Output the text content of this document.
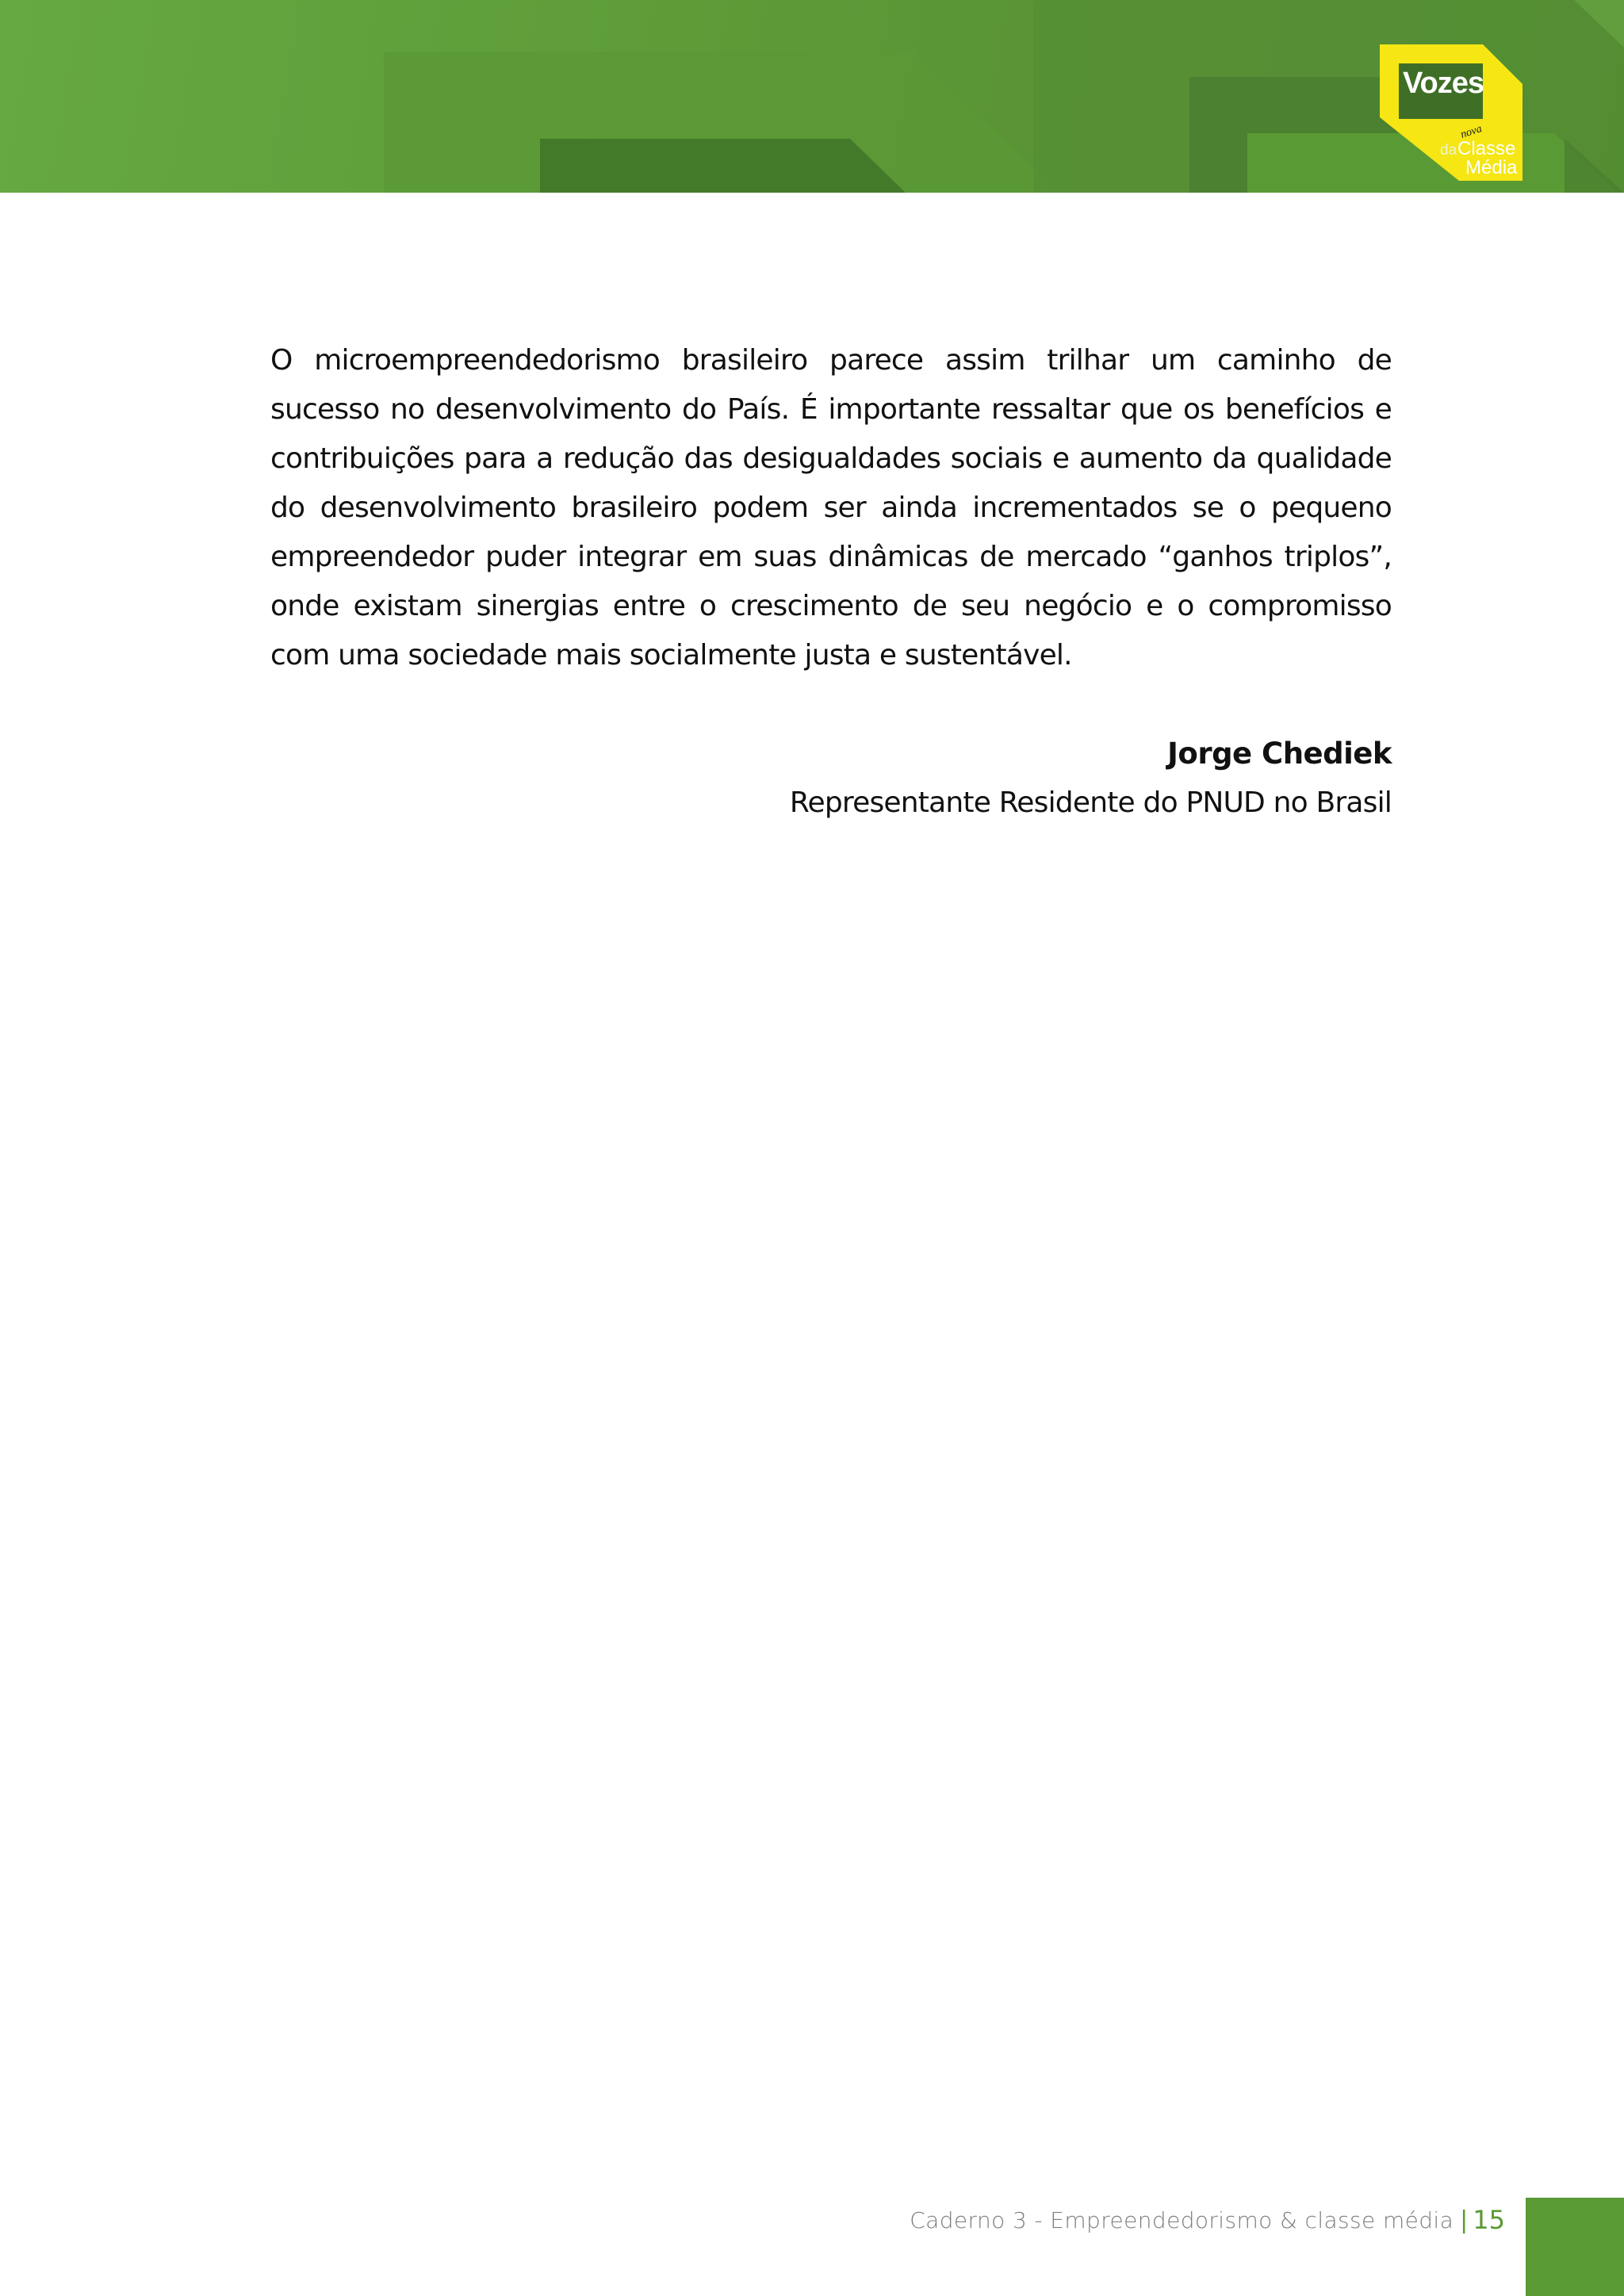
Vozes
nova
da Classe
Média

O microempreendedorismo brasileiro parece assim trilhar um caminho de sucesso no desenvolvimento do País. É importante ressaltar que os benefícios e contribuições para a redução das desigualdades sociais e aumento da qualidade do desenvolvimento brasileiro podem ser ainda incrementados se o pequeno empreendedor puder integrar em suas dinâmicas de mercado “ganhos triplos”, onde existam sinergias entre o crescimento de seu negócio e o compromisso com uma sociedade mais socialmente justa e sustentável.

Jorge Chediek
Representante Residente do PNUD no Brasil
Caderno 3 - Empreendedorismo & classe média | 15
